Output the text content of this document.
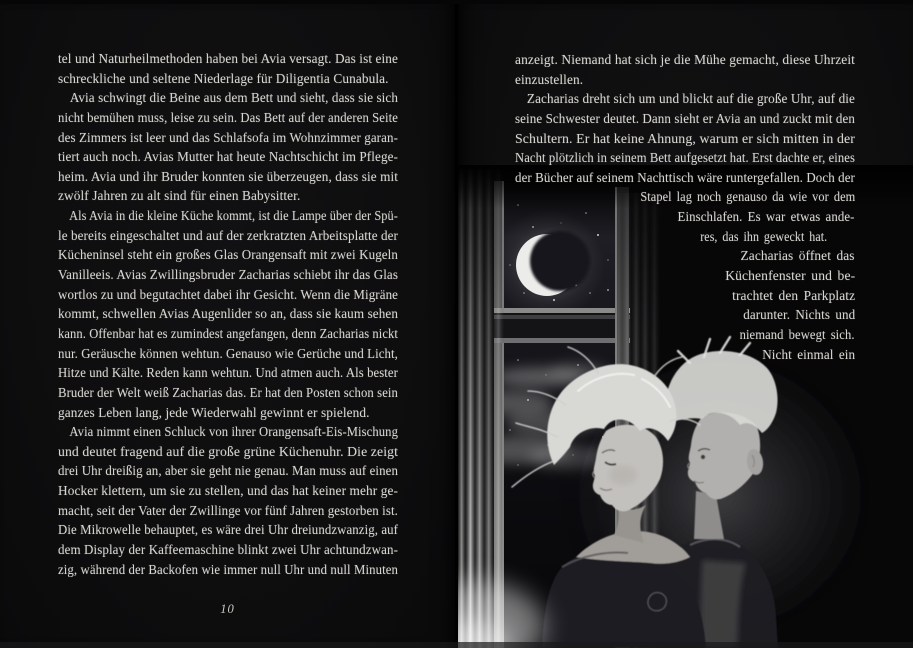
tel und Naturheilmethoden haben bei Avia versagt. Das ist eine
schreckliche und seltene Niederlage für Diligentia Cunabula.
Avia schwingt die Beine aus dem Bett und sieht, dass sie sich
nicht bemühen muss, leise zu sein. Das Bett auf der anderen Seite
des Zimmers ist leer und das Schlafsofa im Wohnzimmer garan-
tiert auch noch. Avias Mutter hat heute Nachtschicht im Pflege-
heim. Avia und ihr Bruder konnten sie überzeugen, dass sie mit
zwölf Jahren zu alt sind für einen Babysitter.
Als Avia in die kleine Küche kommt, ist die Lampe über der Spü-
le bereits eingeschaltet und auf der zerkratzten Arbeitsplatte der
Kücheninsel steht ein großes Glas Orangensaft mit zwei Kugeln
Vanilleeis. Avias Zwillingsbruder Zacharias schiebt ihr das Glas
wortlos zu und begutachtet dabei ihr Gesicht. Wenn die Migräne
kommt, schwellen Avias Augenlider so an, dass sie kaum sehen
kann. Offenbar hat es zumindest angefangen, denn Zacharias nickt
nur. Geräusche können wehtun. Genauso wie Gerüche und Licht,
Hitze und Kälte. Reden kann wehtun. Und atmen auch. Als bester
Bruder der Welt weiß Zacharias das. Er hat den Posten schon sein
ganzes Leben lang, jede Wiederwahl gewinnt er spielend.
Avia nimmt einen Schluck von ihrer Orangensaft-Eis-Mischung
und deutet fragend auf die große grüne Küchenuhr. Die zeigt
drei Uhr dreißig an, aber sie geht nie genau. Man muss auf einen
Hocker klettern, um sie zu stellen, und das hat keiner mehr ge-
macht, seit der Vater der Zwillinge vor fünf Jahren gestorben ist.
Die Mikrowelle behauptet, es wäre drei Uhr dreiundzwanzig, auf
dem Display der Kaffeemaschine blinkt zwei Uhr achtundzwan-
zig, während der Backofen wie immer null Uhr und null Minuten
10
anzeigt. Niemand hat sich je die Mühe gemacht, diese Uhrzeit
einzustellen.
Zacharias dreht sich um und blickt auf die große Uhr, auf die
seine Schwester deutet. Dann sieht er Avia an und zuckt mit den
Schultern. Er hat keine Ahnung, warum er sich mitten in der
Nacht plötzlich in seinem Bett aufgesetzt hat. Erst dachte er, eines
der Bücher auf seinem Nachttisch wäre runtergefallen. Doch der
Stapel lag noch genauso da wie vor dem
Einschlafen. Es war etwas ande-
res, das ihn geweckt hat.
Zacharias öffnet das
Küchenfenster und be-
trachtet den Parkplatz
darunter. Nichts und
niemand bewegt sich.
Nicht einmal ein
